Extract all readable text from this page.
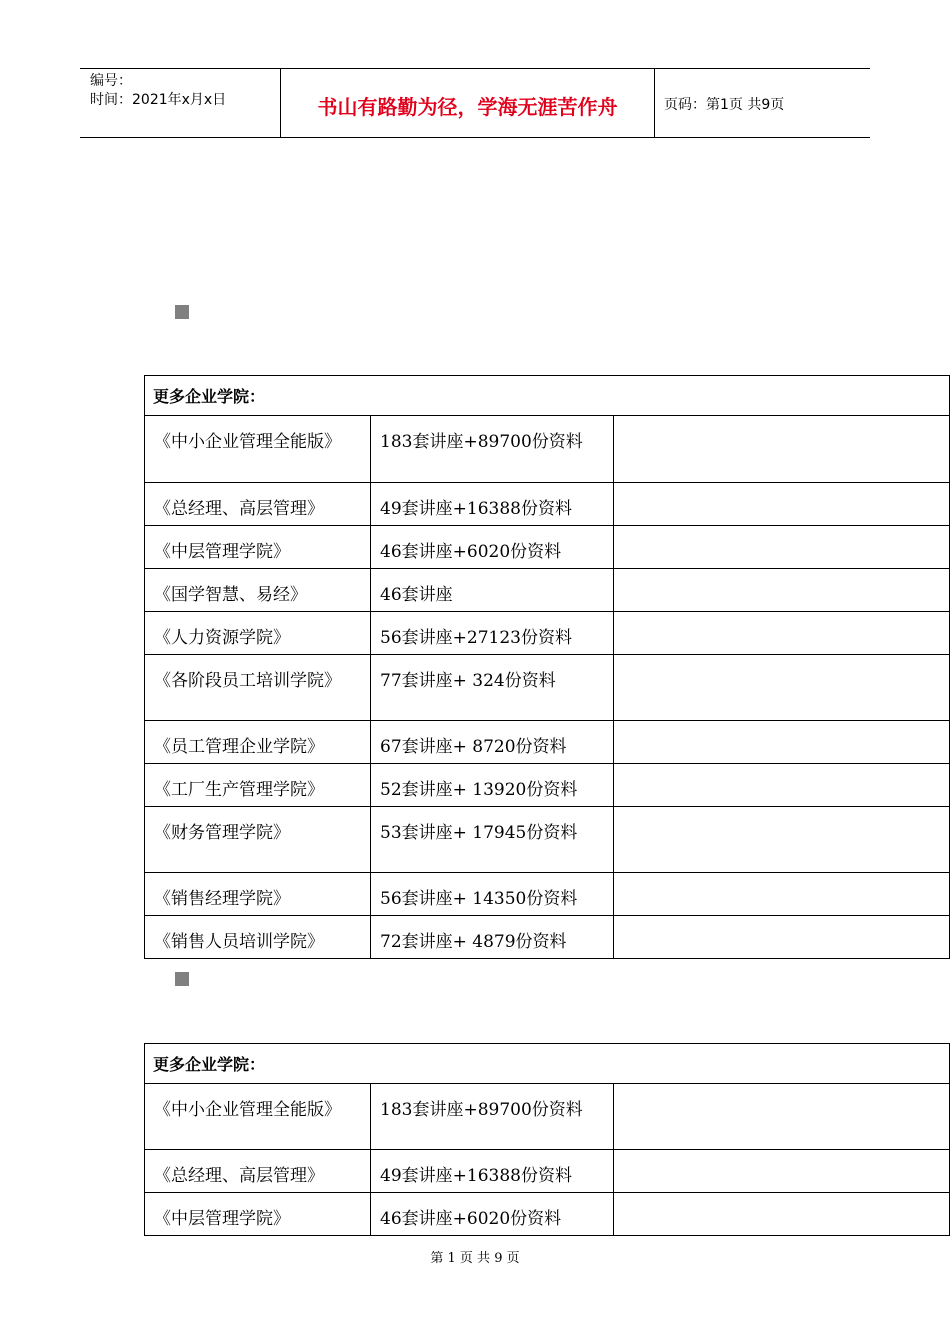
编号：
时间：2021年x月x日	书山有路勤为径，学海无涯苦作舟	页码：第1页 共9页
更多企业学院：		
《中小企业管理全能版》	183套讲座+89700份资料	
《总经理、高层管理》	49套讲座+16388份资料	
《中层管理学院》	46套讲座+6020份资料	
《国学智慧、易经》	46套讲座	
《人力资源学院》	56套讲座+27123份资料	
《各阶段员工培训学院》	77套讲座+ 324份资料	
《员工管理企业学院》	67套讲座+ 8720份资料	
《工厂生产管理学院》	52套讲座+ 13920份资料	
《财务管理学院》	53套讲座+ 17945份资料	
《销售经理学院》	56套讲座+ 14350份资料	
《销售人员培训学院》	72套讲座+ 4879份资料	
更多企业学院：		
《中小企业管理全能版》	183套讲座+89700份资料	
《总经理、高层管理》	49套讲座+16388份资料	
《中层管理学院》	46套讲座+6020份资料	
第 1 页 共 9 页
